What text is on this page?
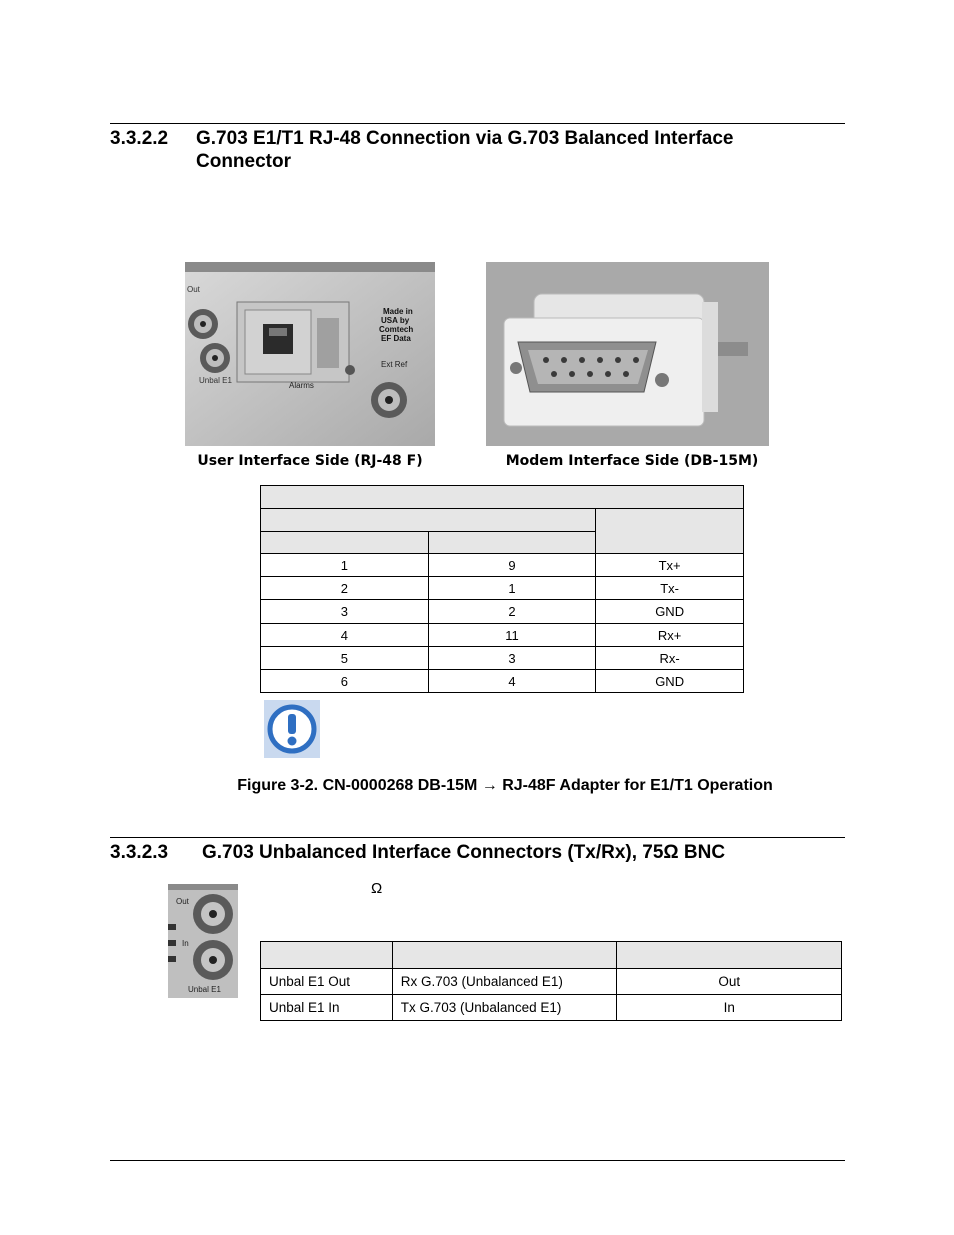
3.3.2.2 G.703 E1/T1 RJ-48 Connection via G.703 Balanced Interface
Connector
Out
Unbal E1
Alarms
Made in
USA by
Comtech
EF Data
Ext Ref
User Interface Side (RJ-48 F)	Modem Interface Side (DB-15M)

1	9	Tx+
2	1	Tx-
3	2	GND
4	11	Rx+
5	3	Rx-
6	4	GND
Figure 3-2. CN-0000268 DB-15M → RJ-48F Adapter for E1/T1 Operation
3.3.2.3 G.703 Unbalanced Interface Connectors (Tx/Rx), 75Ω BNC
Out
In
Unbal E1
Ω

Unbal E1 Out	Rx G.703 (Unbalanced E1)	Out
Unbal E1 In	Tx G.703 (Unbalanced E1)	In
